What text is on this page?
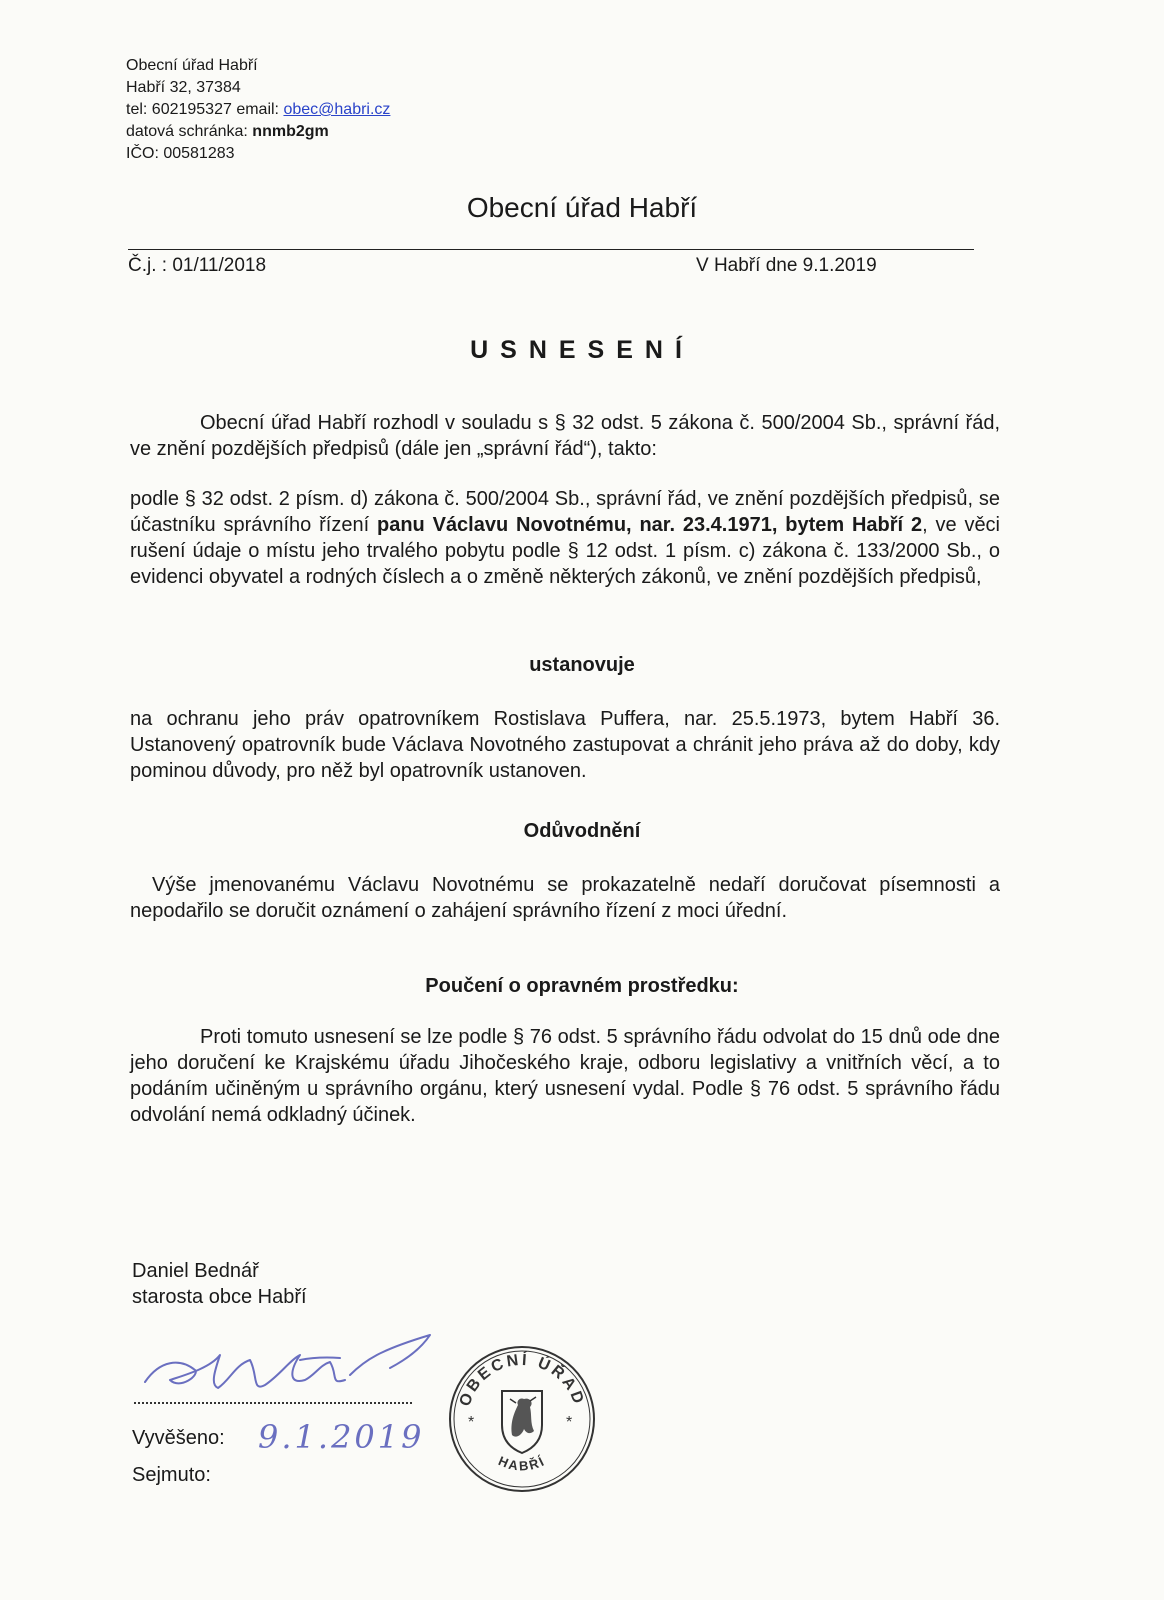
Obecní úřad Habří
Habří 32, 37384
tel: 602195327 email: obec@habri.cz
datová schránka: nnmb2gm
IČO: 00581283
Obecní úřad Habří
Č.j. : 01/11/2018	V Habří dne 9.1.2019
USNESENÍ
Obecní úřad Habří rozhodl v souladu s § 32 odst. 5 zákona č. 500/2004 Sb., správní řád, ve znění pozdějších předpisů (dále jen „správní řád“), takto:
podle § 32 odst. 2 písm. d) zákona č. 500/2004 Sb., správní řád, ve znění pozdějších předpisů, se účastníku správního řízení panu Václavu Novotnému, nar. 23.4.1971, bytem Habří 2, ve věci rušení údaje o místu jeho trvalého pobytu podle § 12 odst. 1 písm. c) zákona č. 133/2000 Sb., o evidenci obyvatel a rodných číslech a o změně některých zákonů, ve znění pozdějších předpisů,
ustanovuje
na ochranu jeho práv opatrovníkem Rostislava Puffera, nar. 25.5.1973, bytem Habří 36. Ustanovený opatrovník bude Václava Novotného zastupovat a chránit jeho práva až do doby, kdy pominou důvody, pro něž byl opatrovník ustanoven.
Odůvodnění
Výše jmenovanému Václavu Novotnému se prokazatelně nedaří doručovat písemnosti a nepodařilo se doručit oznámení o zahájení správního řízení z moci úřední.
Poučení o opravném prostředku:
Proti tomuto usnesení se lze podle § 76 odst. 5 správního řádu odvolat do 15 dnů ode dne jeho doručení ke Krajskému úřadu Jihočeského kraje, odboru legislativy a vnitřních věcí, a to podáním učiněným u správního orgánu, který usnesení vydal. Podle § 76 odst. 5 správního řádu odvolání nemá odkladný účinek.
Daniel Bednář
starosta obce Habří
Vyvěšeno: 9.1.2019
Sejmuto:
OBECNÍ ÚŘAD
HABŘÍ
*	*
